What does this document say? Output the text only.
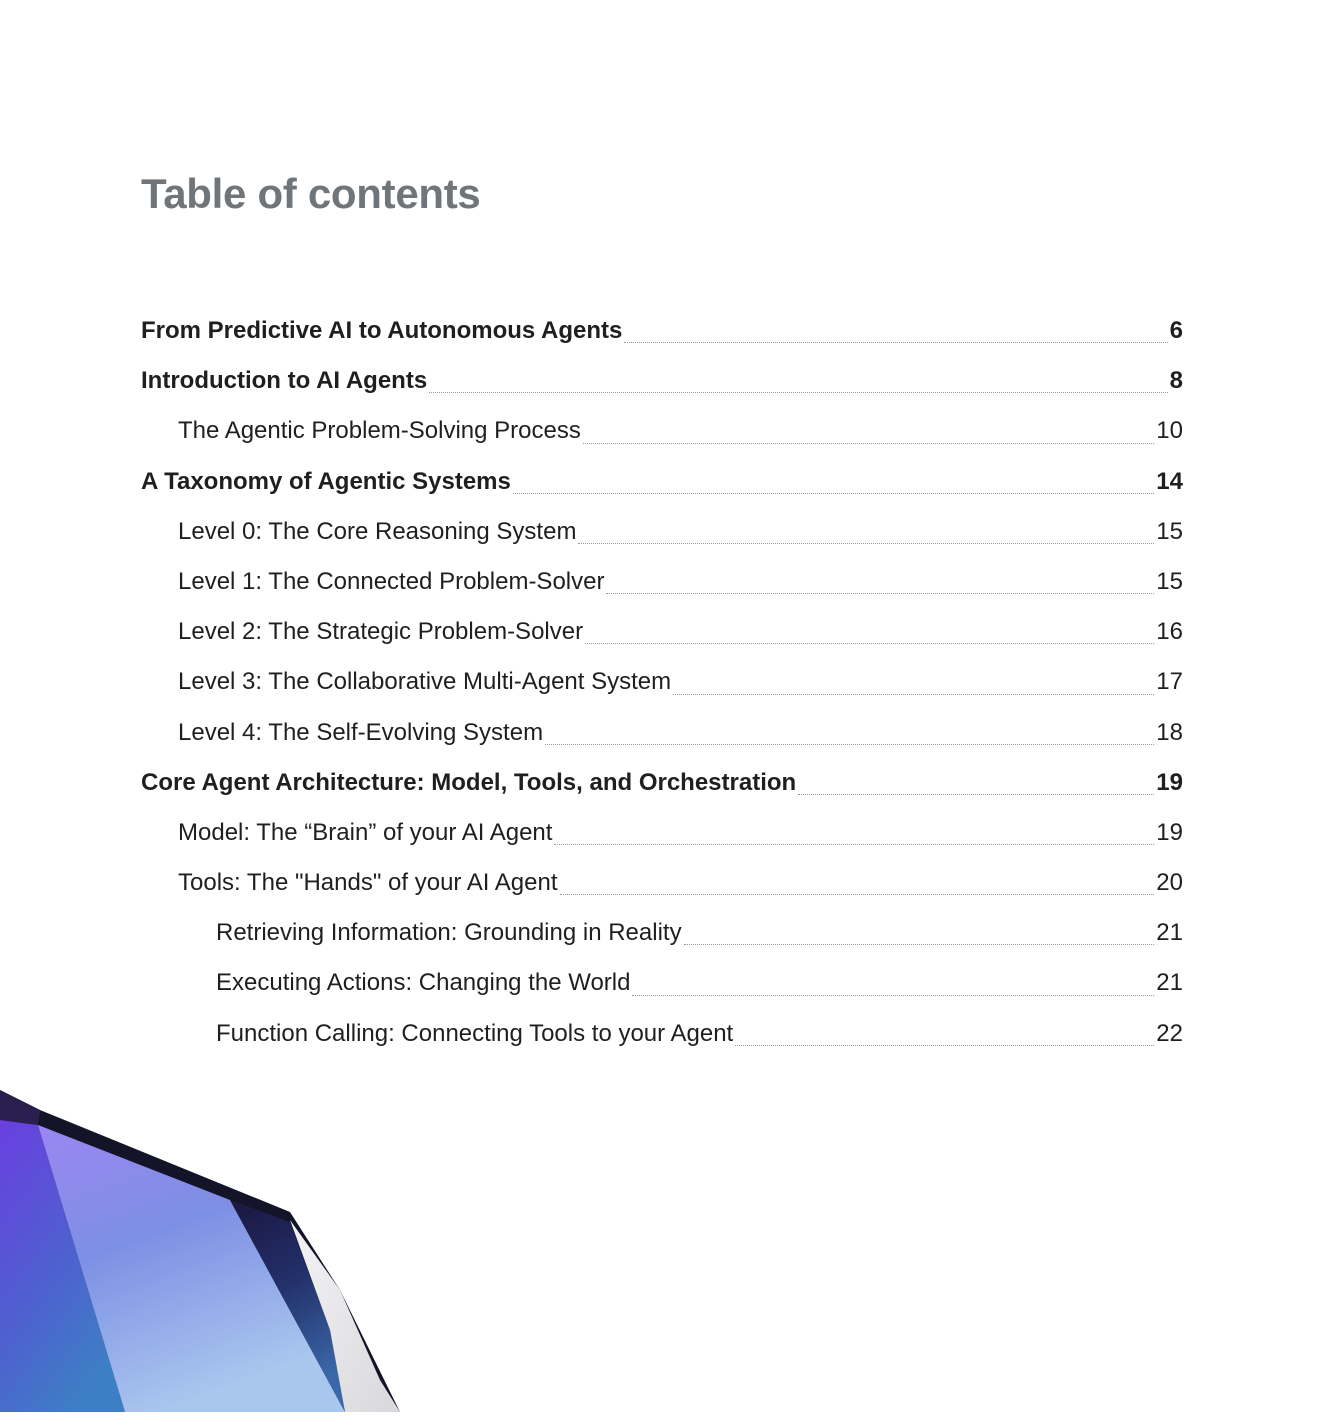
Table of contents
From Predictive AI to Autonomous Agents	6
Introduction to AI Agents	8
The Agentic Problem-Solving Process	10
A Taxonomy of Agentic Systems	14
Level 0: The Core Reasoning System	15
Level 1: The Connected Problem-Solver	15
Level 2: The Strategic Problem-Solver	16
Level 3: The Collaborative Multi-Agent System	17
Level 4: The Self-Evolving System	18
Core Agent Architecture: Model, Tools, and Orchestration	19
Model: The “Brain” of your AI Agent	19
Tools: The "Hands" of your AI Agent	20
Retrieving Information: Grounding in Reality	21
Executing Actions: Changing the World	21
Function Calling: Connecting Tools to your Agent	22
